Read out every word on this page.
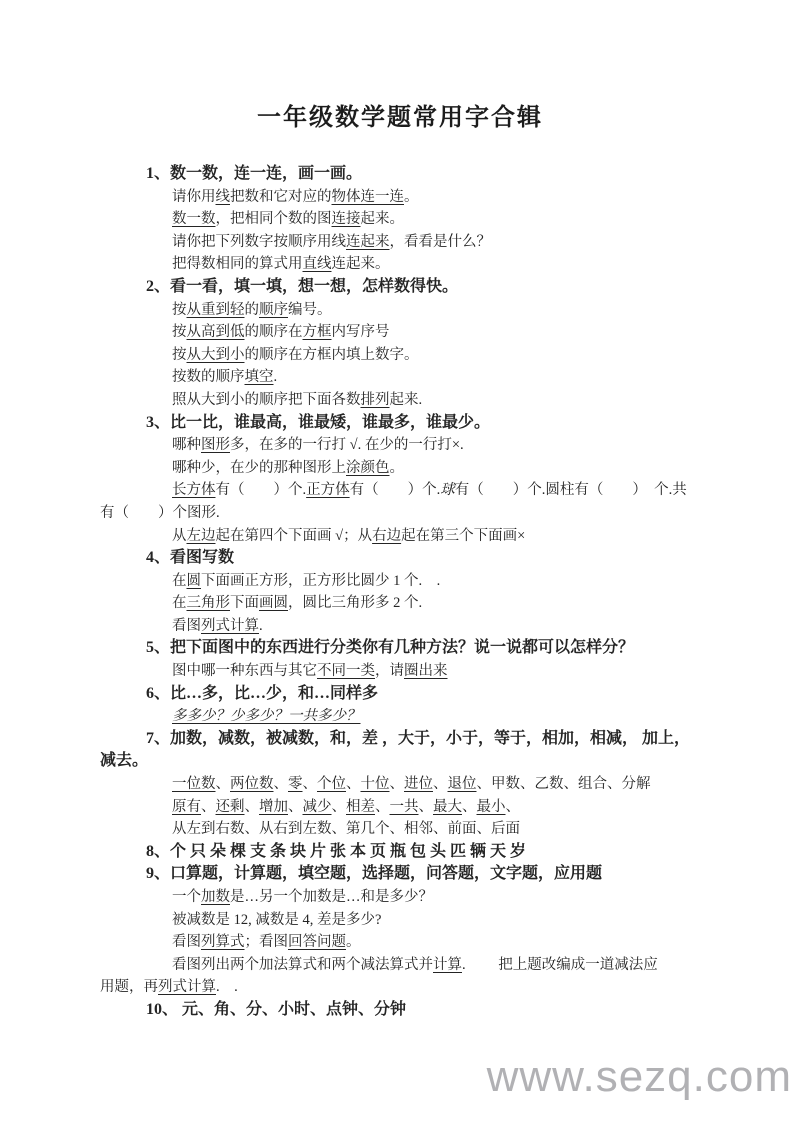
一年级数学题常用字合辑
1、数一数，连一连，画一画。
请你用线把数和它对应的物体连一连。
数一数，把相同个数的图连接起来。
请你把下列数字按顺序用线连起来，看看是什么？
把得数相同的算式用直线连起来。
2、看一看，填一填，想一想，怎样数得快。
按从重到轻的顺序编号。
按从高到低的顺序在方框内写序号
按从大到小的顺序在方框内填上数字。
按数的顺序填空.
照从大到小的顺序把下面各数排列起来.
3、比一比，谁最高，谁最矮，谁最多，谁最少。
哪种图形多，在多的一行打 √. 在少的一行打×.
哪种少，在少的那种图形上涂颜色。
长方体有（　　）个.正方体有（　　）个.球有（　　）个.圆柱有（　　）　个.共
有（　　）个图形.
从左边起在第四个下面画 √；从右边起在第三个下面画×
4、看图写数
在圆下面画正方形，正方形比圆少 1 个.　.
在三角形下面画圆，圆比三角形多 2 个.
看图列式计算.
5、把下面图中的东西进行分类你有几种方法？说一说都可以怎样分？
图中哪一种东西与其它不同一类，请圈出来
6、比…多，比…少，和…同样多
多多少？少多少？一共多少？
7、加数，减数，被减数，和，差 ，大于，小于，等于，相加，相减， 加上，
减去。
一位数、两位数、零、个位、十位、进位、退位、甲数、乙数、组合、分解
原有、还剩、增加、减少、相差、一共、最大、最小、
从左到右数、从右到左数、第几个、相邻、前面、后面
8、个 只 朵 棵 支 条 块 片 张 本 页 瓶 包 头 匹 辆 天 岁
9、口算题，计算题，填空题，选择题，问答题，文字题，应用题
一个加数是…另一个加数是…和是多少？
被减数是 12, 减数是 4, 差是多少?
看图列算式；看图回答问题。
看图列出两个加法算式和两个减法算式并计算.　　 把上题改编成一道减法应
用题，再列式计算.　.
10、 元、角、分、小时、点钟、分钟
www.sezq.com
